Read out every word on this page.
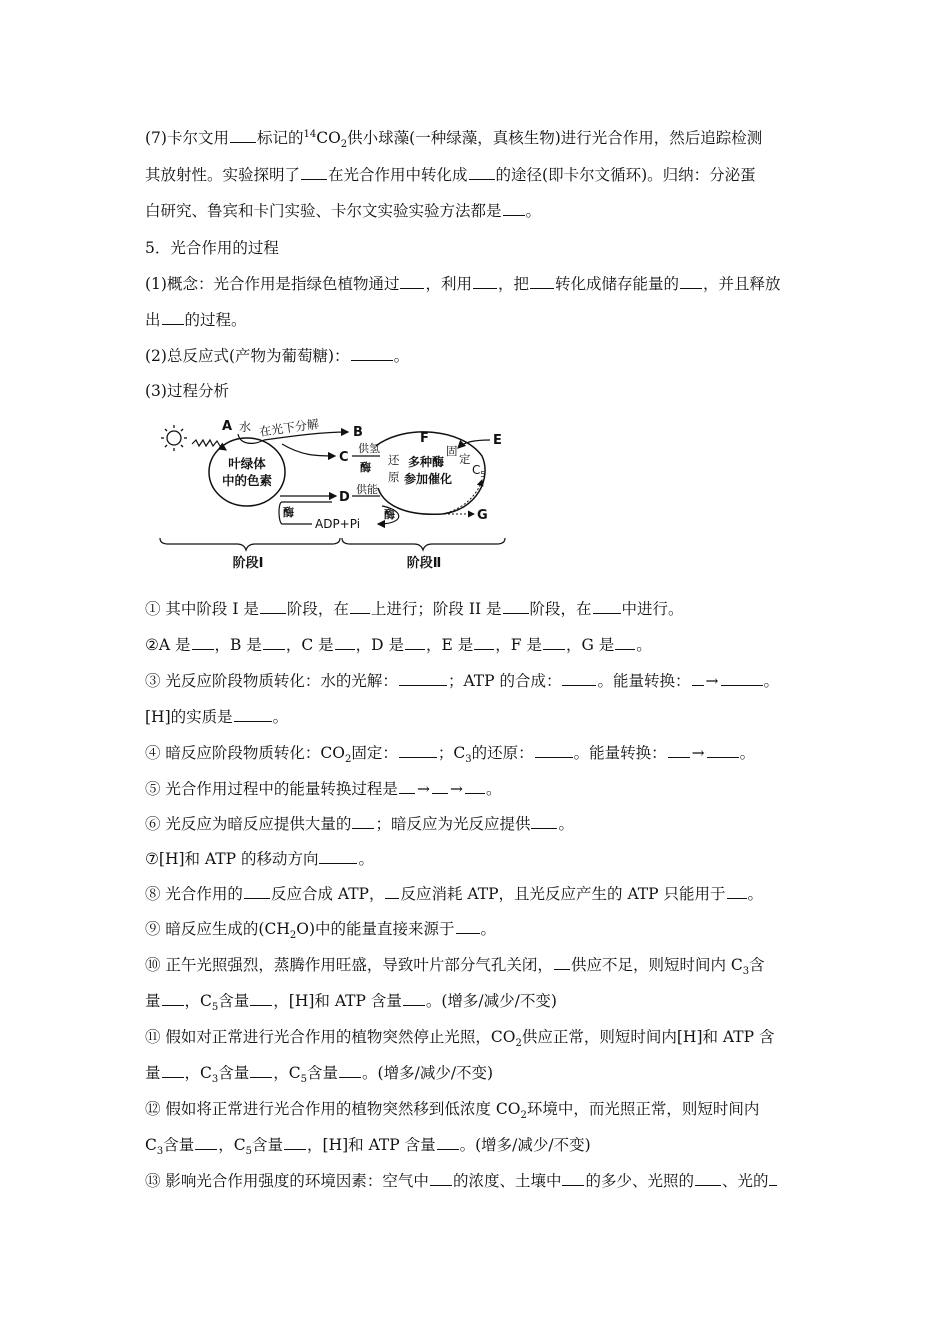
(7)卡尔文用 标记的$^{14}CO_2$供小球藻(一种绿藻，真核生物)进行光合作用，然后追踪检测
其放射性。实验探明了 在光合作用中转化成 的途径(即卡尔文循环)。归纳：分泌蛋
白研究、鲁宾和卡门实验、卡尔文实验实验方法都是 。
5．光合作用的过程
(1)概念：光合作用是指绿色植物通过 ，利用 ，把 转化成储存能量的 ，并且释放
出 的过程。
(2)总反应式(产物为葡萄糖)：	。
(3)过程分析
叶绿体
中的色素
A 水 在光下分解	B
C
D
供氢
酶
还
原
多种酶
参加催化
F
固
定
$C_5$
E
供能
G
酶	酶
ADP+Pi
阶段Ⅰ	阶段Ⅱ
① 其中阶段 I 是 阶段，在 上进行；阶段 II 是 阶段，在 中进行。
②A 是 ，B 是 ，C 是 ，D 是 ，E 是 ，F 是 ，G 是 。
③ 光反应阶段物质转化：水的光解：	；ATP 的合成： 。能量转换： →	。
[H]的实质是	。
④ 暗反应阶段物质转化：$CO_2$固定：	；$C_3$的还原：	。能量转换： → 。
⑤ 光合作用过程中的能量转换过程是 → → 。
⑥ 光反应为暗反应提供大量的 ；暗反应为光反应提供 。
⑦[H]和 ATP 的移动方向	。
⑧ 光合作用的 反应合成 ATP， 反应消耗 ATP，且光反应产生的 ATP 只能用于 。
⑨ 暗反应生成的$(CH_2O)$中的能量直接来源于 。
⑩ 正午光照强烈，蒸腾作用旺盛，导致叶片部分气孔关闭， 供应不足，则短时间内 $C_3$含
量 ，$C_5$含量 ，[H]和 ATP 含量 。(增多/减少/不变)
⑪ 假如对正常进行光合作用的植物突然停止光照，$CO_2$供应正常，则短时间内[H]和 ATP 含
量 ，$C_3$含量 ，$C_5$含量 。(增多/减少/不变)
⑫ 假如将正常进行光合作用的植物突然移到低浓度 $CO_2$环境中，而光照正常，则短时间内
$C_3$含量 ，$C_5$含量 ，[H]和 ATP 含量 。(增多/减少/不变)
⑬ 影响光合作用强度的环境因素：空气中 的浓度、土壤中 的多少、光照的 、光的
